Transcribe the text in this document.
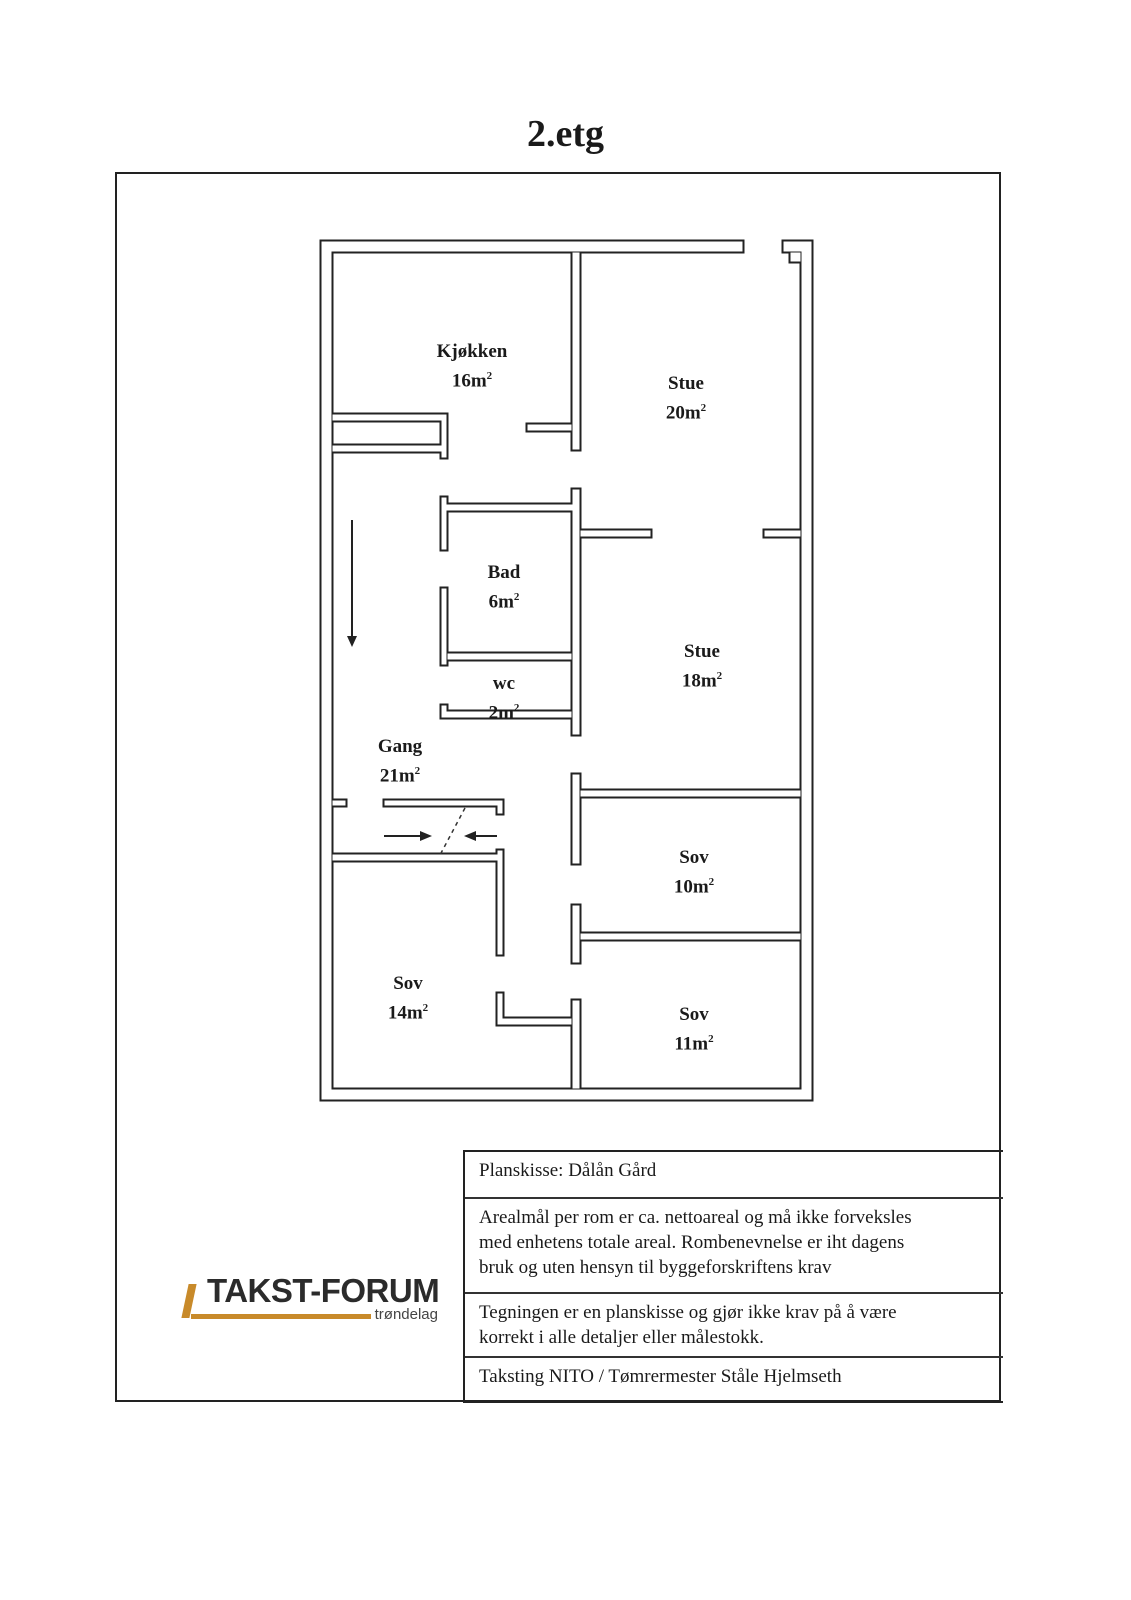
2.etg
Kjøkken
$16m^2$	Stue
$20m^2$
Bad
$6m^2$
wc
$2m^2$
Stue
$18m^2$
Gang
$21m^2$
Sov
$10m^2$
Sov
$14m^2$	Sov
$11m^2$
TAKST-FORUM
trøndelag
Planskisse: Dålån Gård
Arealmål per rom er ca. nettoareal og må ikke forveksles
med enhetens totale areal. Rombenevnelse er iht dagens
bruk og uten hensyn til byggeforskriftens krav
Tegningen er en planskisse og gjør ikke krav på å være
korrekt i alle detaljer eller målestokk.
Taksting NITO / Tømrermester Ståle Hjelmseth
